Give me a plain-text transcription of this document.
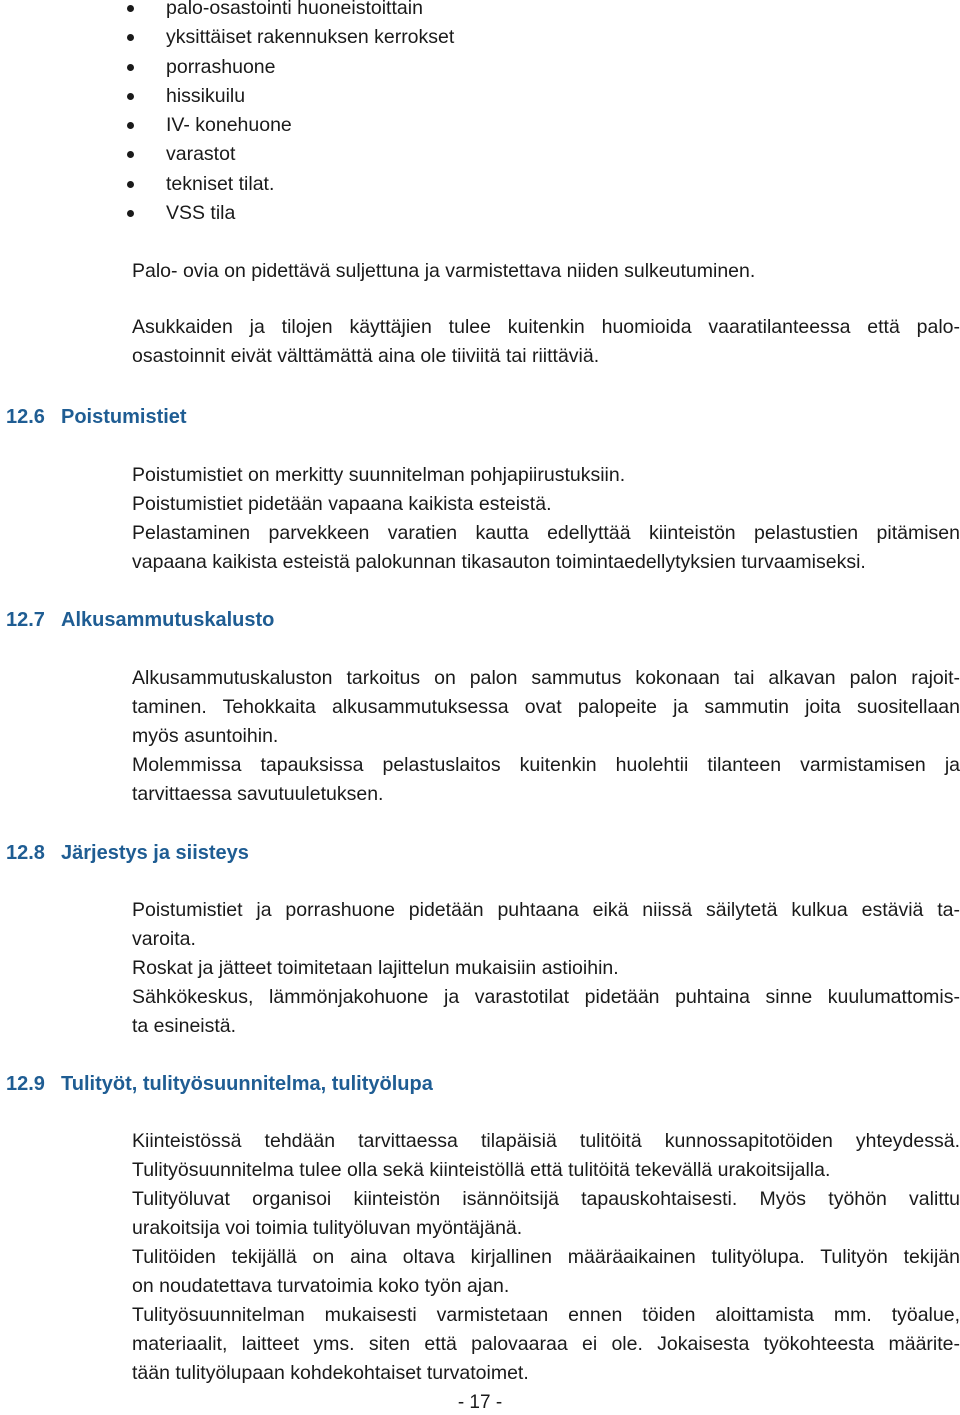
palo-osastointi huoneistoittain
yksittäiset rakennuksen kerrokset
porrashuone
hissikuilu
IV- konehuone
varastot
tekniset tilat.
VSS tila

Palo- ovia on pidettävä suljettuna ja varmistettava niiden sulkeutuminen.

Asukkaiden ja tilojen käyttäjien tulee kuitenkin huomioida vaaratilanteessa että palo-
osastoinnit eivät välttämättä aina ole tiiviitä tai riittäviä.

12.6 Poistumistiet

Poistumistiet on merkitty suunnitelman pohjapiirustuksiin.
Poistumistiet pidetään vapaana kaikista esteistä.
Pelastaminen parvekkeen varatien kautta edellyttää kiinteistön pelastustien pitämisen
vapaana kaikista esteistä palokunnan tikasauton toimintaedellytyksien turvaamiseksi.

12.7 Alkusammutuskalusto

Alkusammutuskaluston tarkoitus on palon sammutus kokonaan tai alkavan palon rajoit-
taminen. Tehokkaita alkusammutuksessa ovat palopeite ja sammutin joita suositellaan
myös asuntoihin.
Molemmissa tapauksissa pelastuslaitos kuitenkin huolehtii tilanteen varmistamisen ja
tarvittaessa savutuuletuksen.

12.8 Järjestys ja siisteys

Poistumistiet ja porrashuone pidetään puhtaana eikä niissä säilytetä kulkua estäviä ta-
varoita.
Roskat ja jätteet toimitetaan lajittelun mukaisiin astioihin.
Sähkökeskus, lämmönjakohuone ja varastotilat pidetään puhtaina sinne kuulumattomis-
ta esineistä.

12.9 Tulityöt, tulityösuunnitelma, tulityölupa

Kiinteistössä tehdään tarvittaessa tilapäisiä tulitöitä kunnossapitotöiden yhteydessä.
Tulityösuunnitelma tulee olla sekä kiinteistöllä että tulitöitä tekevällä urakoitsijalla.
Tulityöluvat organisoi kiinteistön isännöitsijä tapauskohtaisesti. Myös työhön valittu
urakoitsija voi toimia tulityöluvan myöntäjänä.
Tulitöiden tekijällä on aina oltava kirjallinen määräaikainen tulityölupa. Tulityön tekijän
on noudatettava turvatoimia koko työn ajan.
Tulityösuunnitelman mukaisesti varmistetaan ennen töiden aloittamista mm. työalue,
materiaalit, laitteet yms. siten että palovaaraa ei ole. Jokaisesta työkohteesta määrite-
tään tulityölupaan kohdekohtaiset turvatoimet.

- 17 -
